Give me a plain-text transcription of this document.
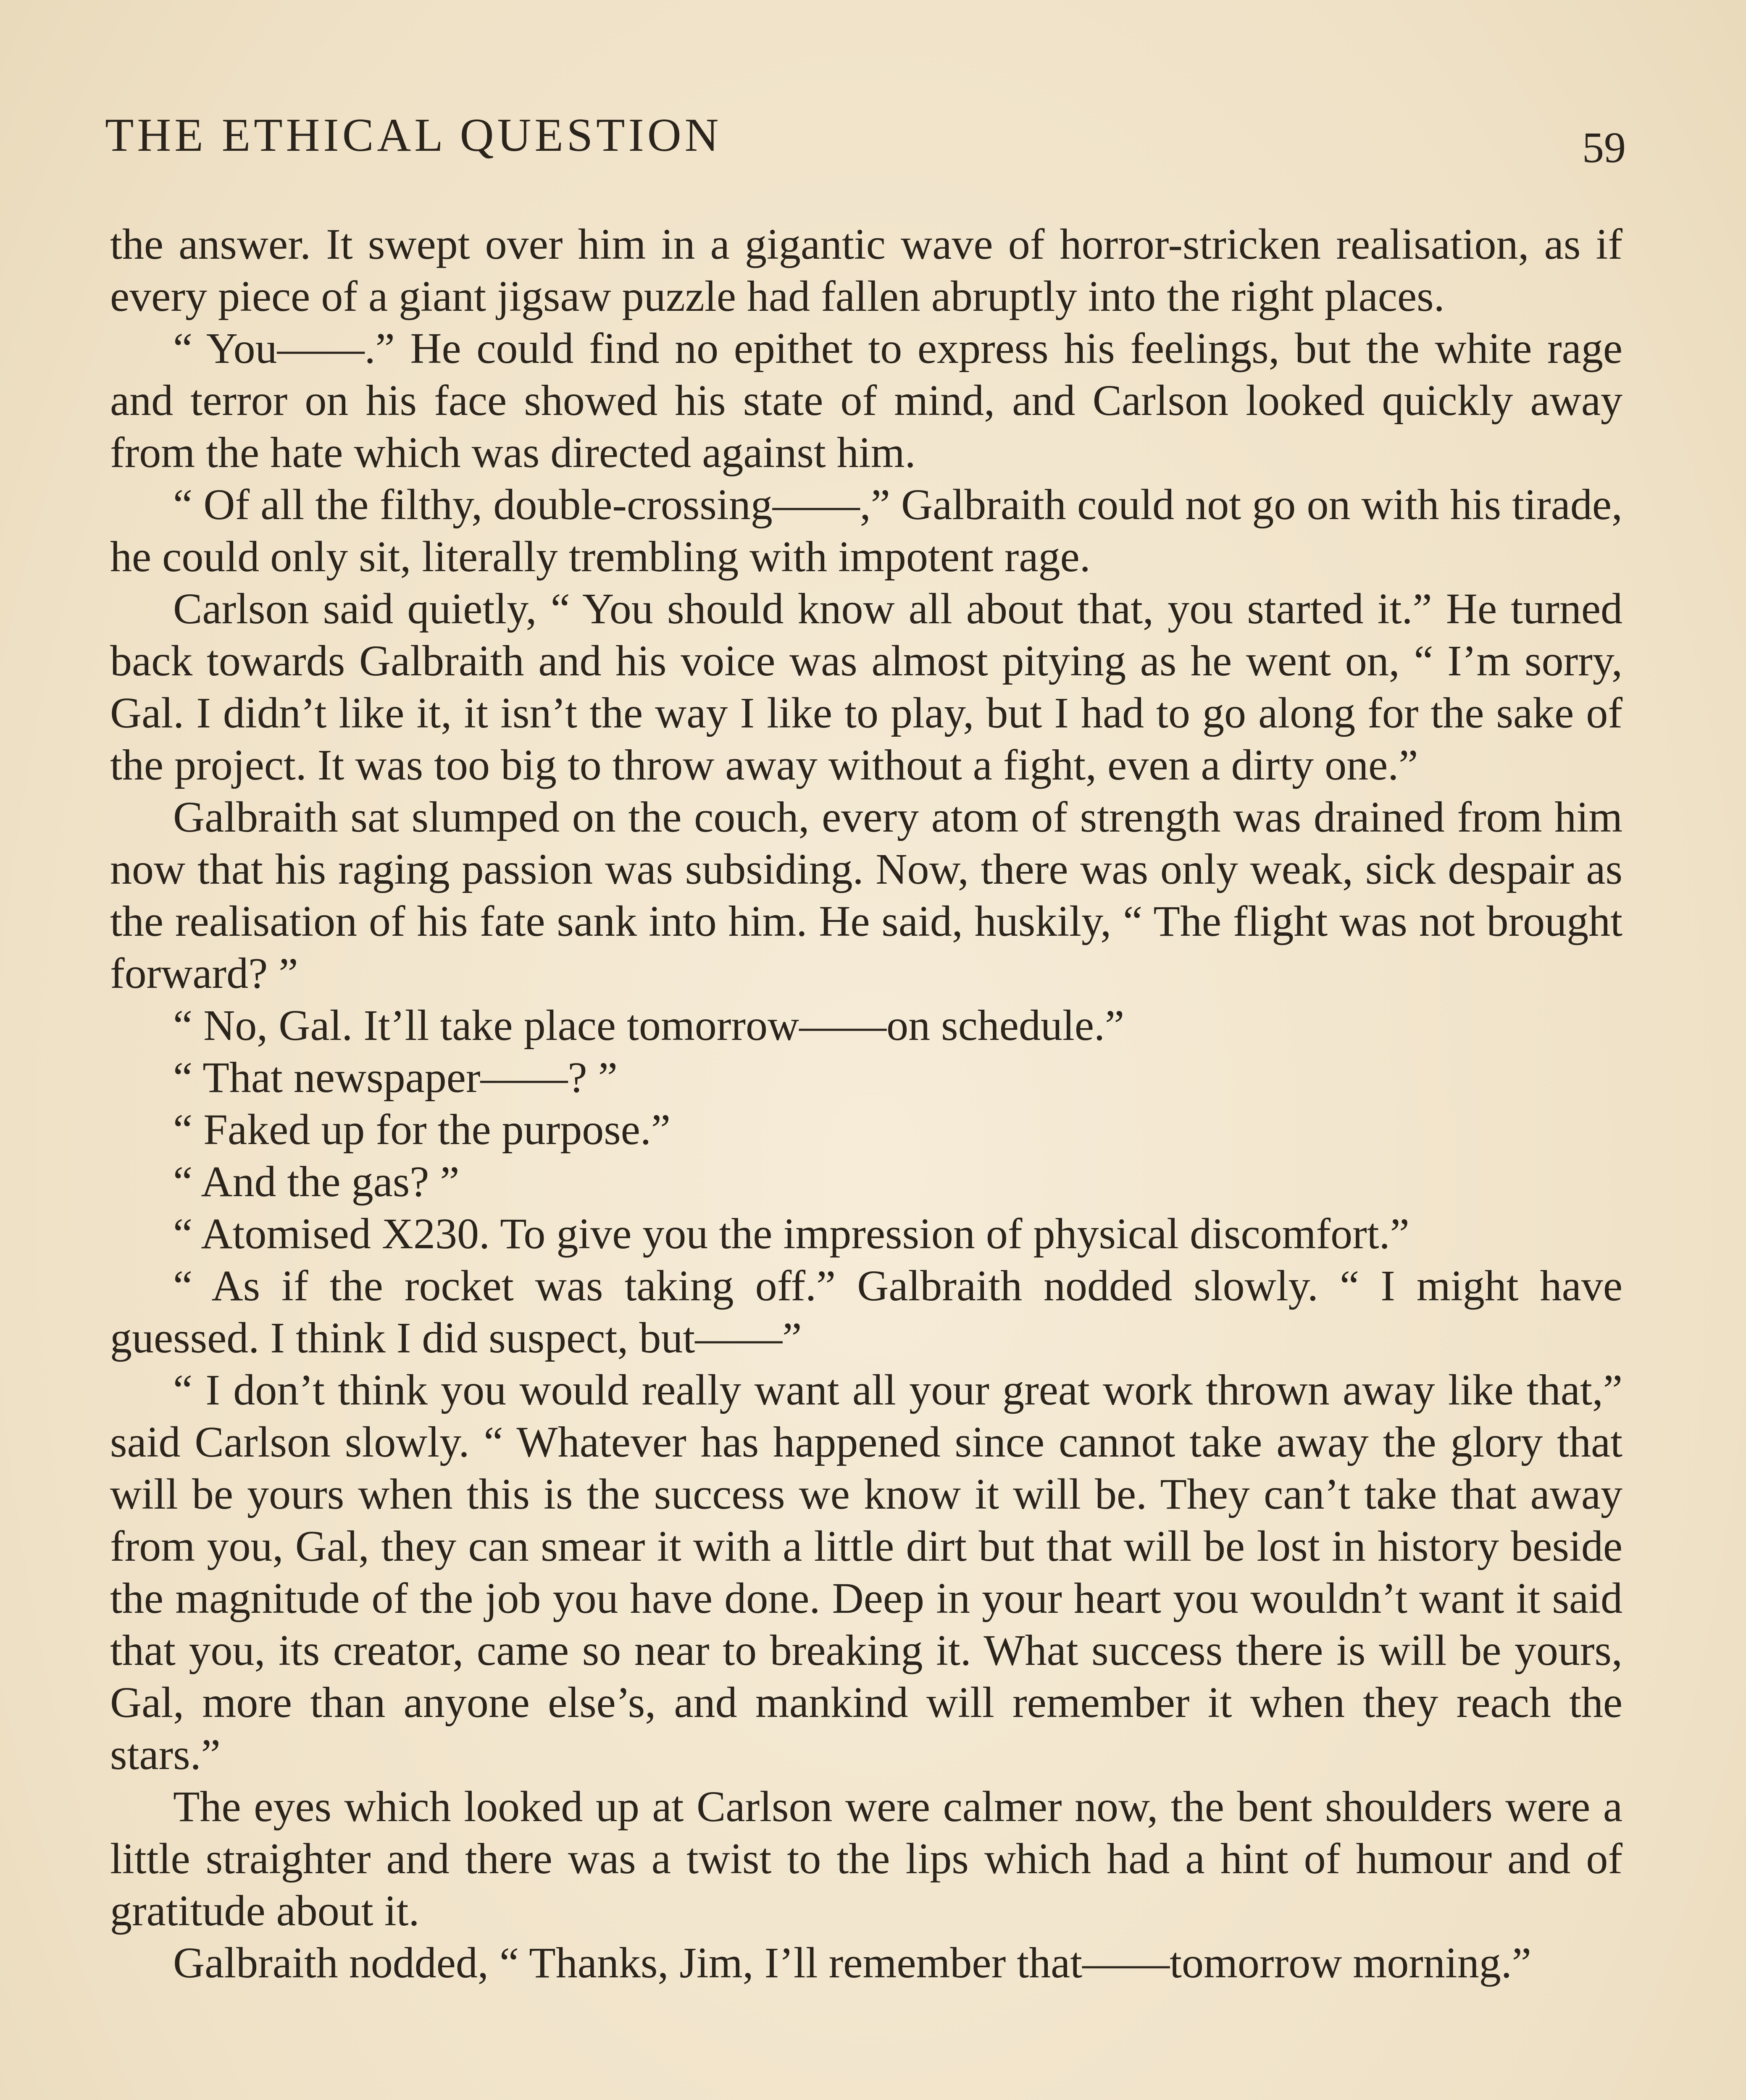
THE ETHICAL QUESTION	59

the answer. It swept over him in a gigantic wave of horror-stricken realisation, as if every piece of a giant jigsaw puzzle had fallen abruptly into the right places.

“ You——.” He could find no epithet to express his feelings, but the white rage and terror on his face showed his state of mind, and Carlson looked quickly away from the hate which was directed against him.

“ Of all the filthy, double-crossing——,” Galbraith could not go on with his tirade, he could only sit, literally trembling with impotent rage.

Carlson said quietly, “ You should know all about that, you started it.” He turned back towards Galbraith and his voice was almost pitying as he went on, “ I’m sorry, Gal. I didn’t like it, it isn’t the way I like to play, but I had to go along for the sake of the project. It was too big to throw away without a fight, even a dirty one.”

Galbraith sat slumped on the couch, every atom of strength was drained from him now that his raging passion was subsiding. Now, there was only weak, sick despair as the realisation of his fate sank into him. He said, huskily, “ The flight was not brought forward? ”

“ No, Gal. It’ll take place tomorrow——on schedule.”

“ That newspaper——? ”

“ Faked up for the purpose.”

“ And the gas? ”

“ Atomised X230. To give you the impression of physical discomfort.”

“ As if the rocket was taking off.” Galbraith nodded slowly. “ I might have guessed. I think I did suspect, but——”

“ I don’t think you would really want all your great work thrown away like that,” said Carlson slowly. “ Whatever has happened since cannot take away the glory that will be yours when this is the success we know it will be. They can’t take that away from you, Gal, they can smear it with a little dirt but that will be lost in history beside the magnitude of the job you have done. Deep in your heart you wouldn’t want it said that you, its creator, came so near to breaking it. What success there is will be yours, Gal, more than anyone else’s, and mankind will remember it when they reach the stars.”

The eyes which looked up at Carlson were calmer now, the bent shoulders were a little straighter and there was a twist to the lips which had a hint of humour and of gratitude about it.

Galbraith nodded, “ Thanks, Jim, I’ll remember that——tomorrow morning.”
